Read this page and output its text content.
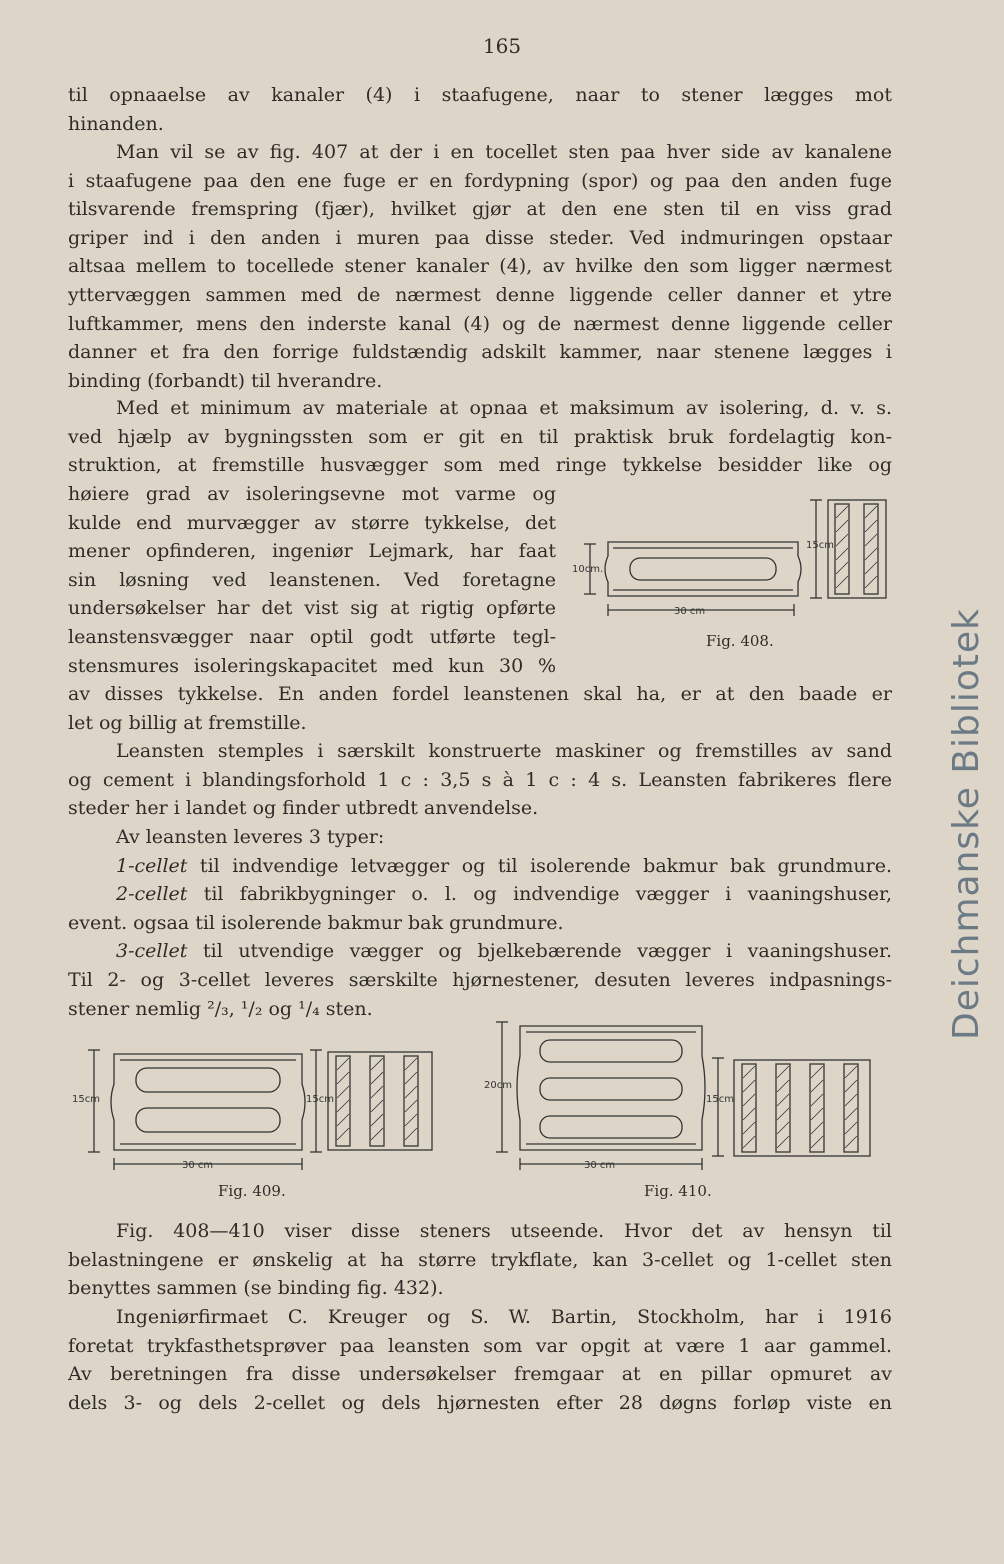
165
til opnaaelse av kanaler (4) i staafugene, naar to stener lægges mot
hinanden.
Man vil se av fig. 407 at der i en tocellet sten paa hver side av kanalene
i staafugene paa den ene fuge er en fordypning (spor) og paa den anden fuge
tilsvarende fremspring (fjær), hvilket gjør at den ene sten til en viss grad
griper ind i den anden i muren paa disse steder. Ved indmuringen opstaar
altsaa mellem to tocellede stener kanaler (4), av hvilke den som ligger nærmest
yttervæggen sammen med de nærmest denne liggende celler danner et ytre
luftkammer, mens den inderste kanal (4) og de nærmest denne liggende celler
danner et fra den forrige fuldstændig adskilt kammer, naar stenene lægges i
binding (forbandt) til hverandre.
Med et minimum av materiale at opnaa et maksimum av isolering, d. v. s.
ved hjælp av bygningssten som er git en til praktisk bruk fordelagtig kon-
struktion, at fremstille husvægger som med ringe tykkelse besidder like og
høiere grad av isoleringsevne mot varme og
kulde end murvægger av større tykkelse, det
mener opfinderen, ingeniør Lejmark, har faat
sin løsning ved leanstenen. Ved foretagne
undersøkelser har det vist sig at rigtig opførte
leanstensvægger naar optil godt utførte tegl-
stensmures isoleringskapacitet med kun 30 %
av disses tykkelse. En anden fordel leanstenen skal ha, er at den baade er
let og billig at fremstille.
10cm.
15cm
30 cm
Fig. 408.
Leansten stemples i særskilt konstruerte maskiner og fremstilles av sand
og cement i blandingsforhold 1 c : 3,5 s à 1 c : 4 s. Leansten fabrikeres flere
steder her i landet og finder utbredt anvendelse.
Av leansten leveres 3 typer:
1-cellet til indvendige letvægger og til isolerende bakmur bak grundmure.
2-cellet til fabrikbygninger o. l. og indvendige vægger i vaaningshuser,
event. ogsaa til isolerende bakmur bak grundmure.
3-cellet til utvendige vægger og bjelkebærende vægger i vaaningshuser.
Til 2- og 3-cellet leveres særskilte hjørnestener, desuten leveres indpasnings-
stener nemlig ²/₃, ¹/₂ og ¹/₄ sten.
15cm	15cm
30 cm
Fig. 409.
20cm
15cm
30 cm
Fig. 410.
Fig. 408—410 viser disse steners utseende. Hvor det av hensyn til
belastningene er ønskelig at ha større trykflate, kan 3-cellet og 1-cellet sten
benyttes sammen (se binding fig. 432).
Ingeniørfirmaet C. Kreuger og S. W. Bartin, Stockholm, har i 1916
foretat trykfasthetsprøver paa leansten som var opgit at være 1 aar gammel.
Av beretningen fra disse undersøkelser fremgaar at en pillar opmuret av
dels 3- og dels 2-cellet og dels hjørnesten efter 28 døgns forløp viste en
Deichmanske Bibliotek
